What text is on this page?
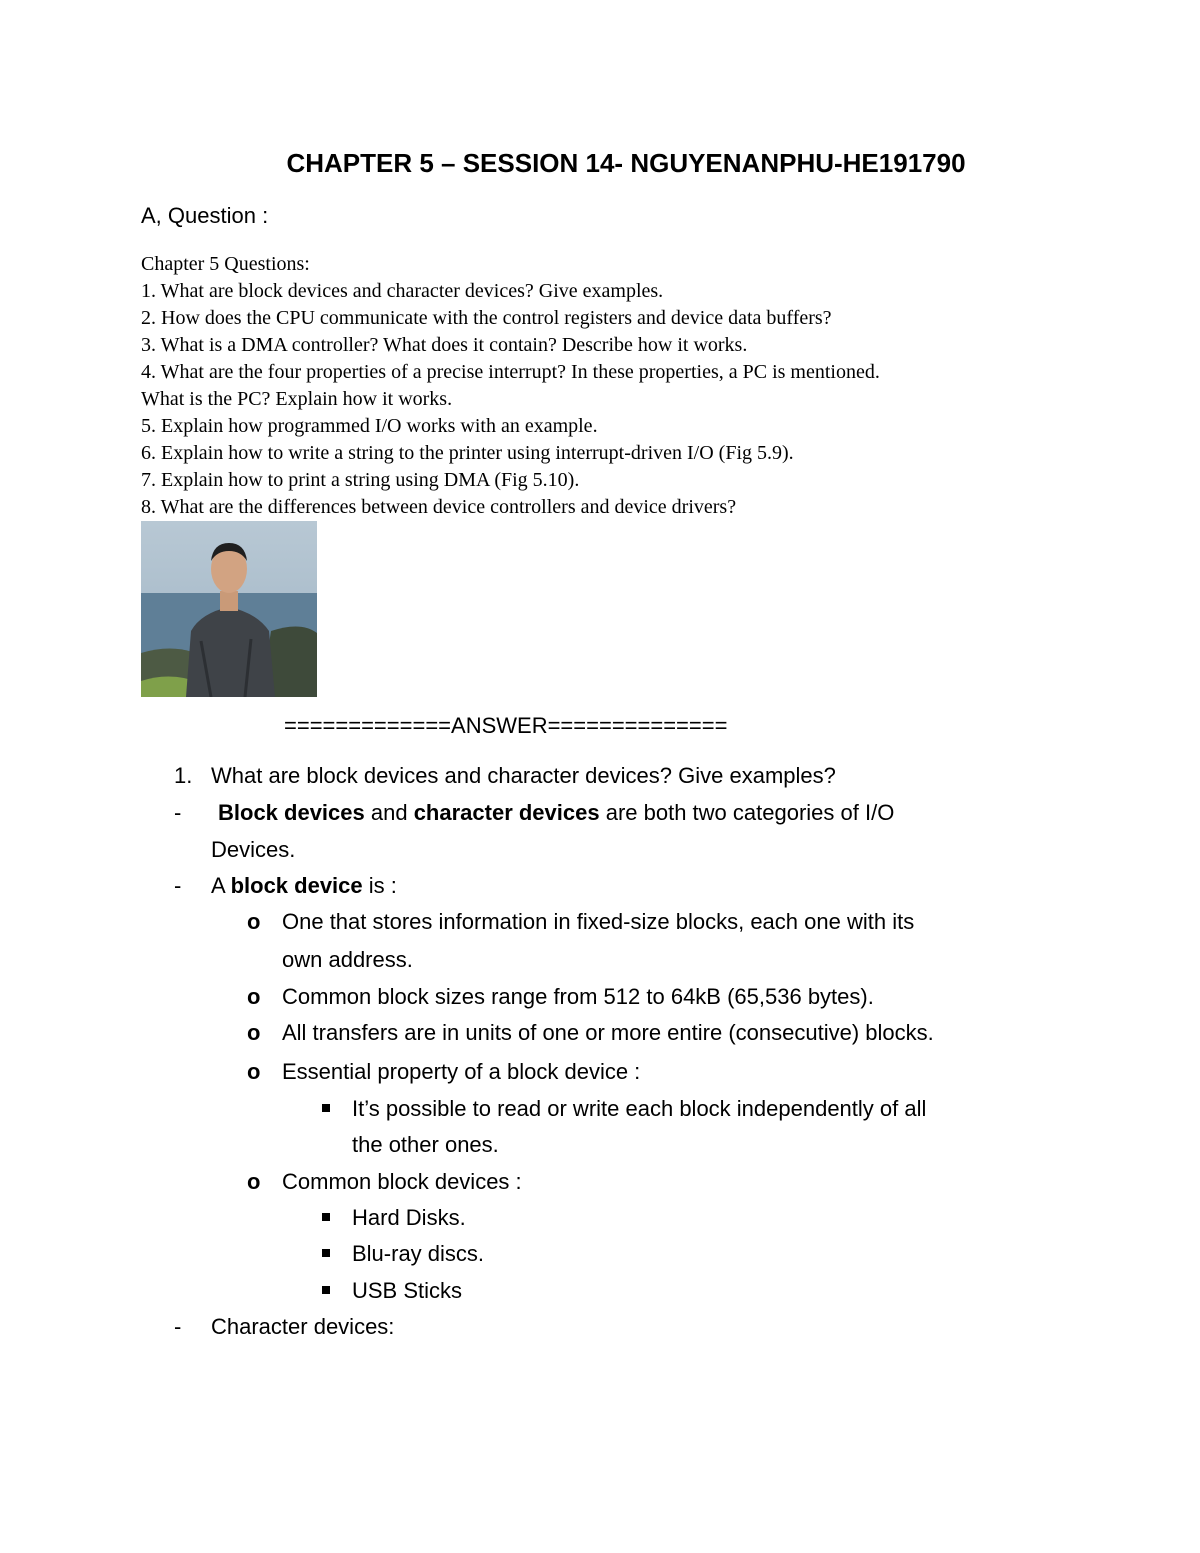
CHAPTER 5 – SESSION 14- NGUYENANPHU-HE191790
A, Question :
Chapter 5 Questions:
1. What are block devices and character devices? Give examples.
2. How does the CPU communicate with the control registers and device data buffers?
3. What is a DMA controller? What does it contain? Describe how it works.
4. What are the four properties of a precise interrupt? In these properties, a PC is mentioned.
What is the PC? Explain how it works.
5. Explain how programmed I/O works with an example.
6. Explain how to write a string to the printer using interrupt-driven I/O (Fig 5.9).
7. Explain how to print a string using DMA (Fig 5.10).
8. What are the differences between device controllers and device drivers?
=============ANSWER==============
1. What are block devices and character devices? Give examples?
- Block devices and character devices are both two categories of I/O
Devices.
- A block device is :
o One that stores information in fixed-size blocks, each one with its
own address.
o Common block sizes range from 512 to 64kB (65,536 bytes).
o All transfers are in units of one or more entire (consecutive) blocks.
o Essential property of a block device :
It’s possible to read or write each block independently of all
the other ones.
o Common block devices :
Hard Disks.
Blu-ray discs.
USB Sticks
- Character devices:
